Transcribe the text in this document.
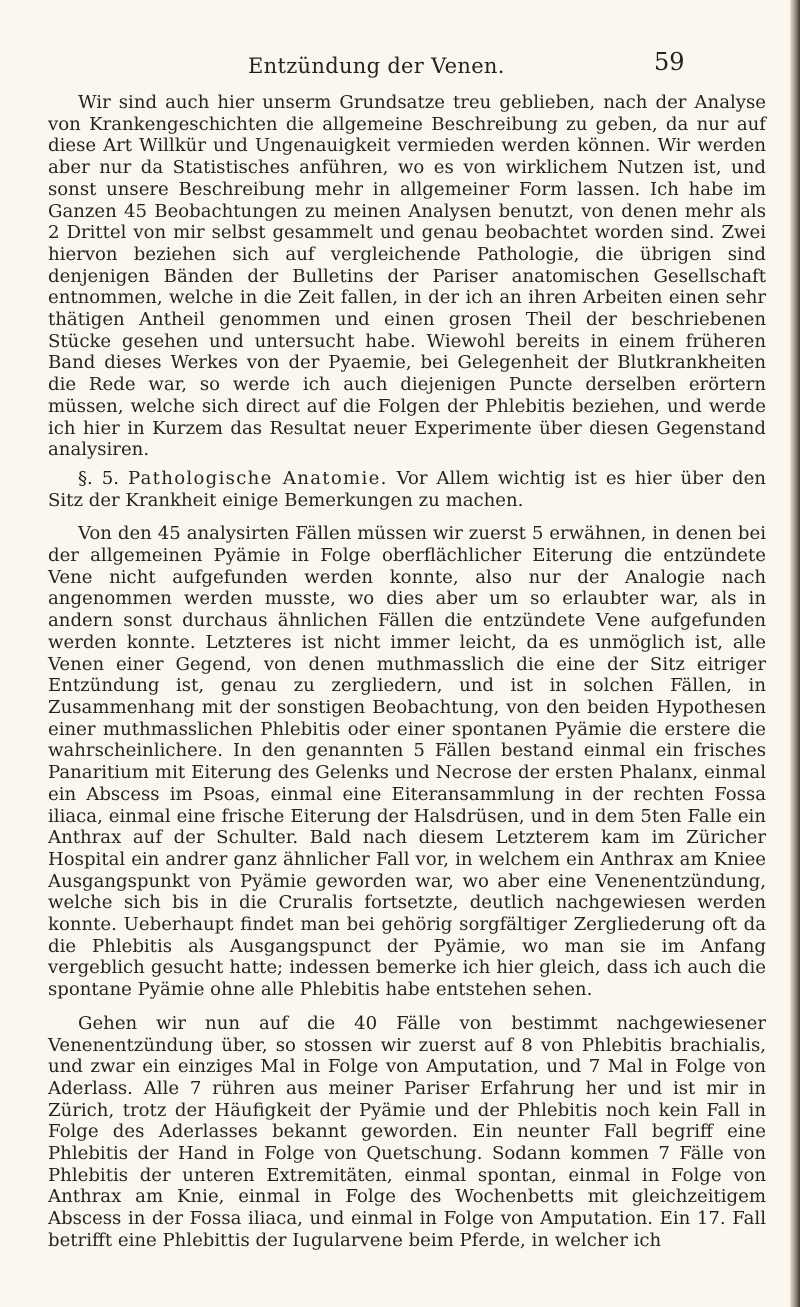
Entzündung der Venen.	59

Wir sind auch hier unserm Grundsatze treu geblieben, nach der Analyse von Krankengeschichten die allgemeine Beschreibung zu geben, da nur auf diese Art Willkür und Ungenauigkeit vermieden werden können. Wir werden aber nur da Statistisches anführen, wo es von wirklichem Nutzen ist, und sonst unsere Beschreibung mehr in allgemeiner Form lassen. Ich habe im Ganzen 45 Beobachtungen zu meinen Analysen benutzt, von denen mehr als 2 Drittel von mir selbst gesammelt und genau beobachtet worden sind. Zwei hiervon beziehen sich auf vergleichende Pathologie, die übrigen sind denjenigen Bänden der Bulletins der Pariser anatomischen Gesellschaft entnommen, welche in die Zeit fallen, in der ich an ihren Arbeiten einen sehr thätigen Antheil genommen und einen grosen Theil der beschriebenen Stücke gesehen und untersucht habe. Wiewohl bereits in einem früheren Band dieses Werkes von der Pyaemie, bei Gelegenheit der Blutkrankheiten die Rede war, so werde ich auch diejenigen Puncte derselben erörtern müssen, welche sich direct auf die Folgen der Phlebitis beziehen, und werde ich hier in Kurzem das Resultat neuer Experimente über diesen Gegenstand analysiren.

§. 5. Pathologische Anatomie. Vor Allem wichtig ist es hier über den Sitz der Krankheit einige Bemerkungen zu machen.

Von den 45 analysirten Fällen müssen wir zuerst 5 erwähnen, in denen bei der allgemeinen Pyämie in Folge oberflächlicher Eiterung die entzündete Vene nicht aufgefunden werden konnte, also nur der Analogie nach angenommen werden musste, wo dies aber um so erlaubter war, als in andern sonst durchaus ähnlichen Fällen die entzündete Vene aufgefunden werden konnte. Letzteres ist nicht immer leicht, da es unmöglich ist, alle Venen einer Gegend, von denen muthmasslich die eine der Sitz eitriger Entzündung ist, genau zu zergliedern, und ist in solchen Fällen, in Zusammenhang mit der sonstigen Beobachtung, von den beiden Hypothesen einer muthmasslichen Phlebitis oder einer spontanen Pyämie die erstere die wahrscheinlichere. In den genannten 5 Fällen bestand einmal ein frisches Panaritium mit Eiterung des Gelenks und Necrose der ersten Phalanx, einmal ein Abscess im Psoas, einmal eine Eiteransammlung in der rechten Fossa iliaca, einmal eine frische Eiterung der Halsdrüsen, und in dem 5ten Falle ein Anthrax auf der Schulter. Bald nach diesem Letzterem kam im Züricher Hospital ein andrer ganz ähnlicher Fall vor, in welchem ein Anthrax am Kniee Ausgangspunkt von Pyämie geworden war, wo aber eine Venenentzündung, welche sich bis in die Cruralis fortsetzte, deutlich nachgewiesen werden konnte. Ueberhaupt findet man bei gehörig sorgfältiger Zergliederung oft da die Phlebitis als Ausgangspunct der Pyämie, wo man sie im Anfang vergeblich gesucht hatte; indessen bemerke ich hier gleich, dass ich auch die spontane Pyämie ohne alle Phlebitis habe entstehen sehen.

Gehen wir nun auf die 40 Fälle von bestimmt nachgewiesener Venenentzündung über, so stossen wir zuerst auf 8 von Phlebitis brachialis, und zwar ein einziges Mal in Folge von Amputation, und 7 Mal in Folge von Aderlass. Alle 7 rühren aus meiner Pariser Erfahrung her und ist mir in Zürich, trotz der Häufigkeit der Pyämie und der Phlebitis noch kein Fall in Folge des Aderlasses bekannt geworden. Ein neunter Fall begriff eine Phlebitis der Hand in Folge von Quetschung. Sodann kommen 7 Fälle von Phlebitis der unteren Extremitäten, einmal spontan, einmal in Folge von Anthrax am Knie, einmal in Folge des Wochenbetts mit gleichzeitigem Abscess in der Fossa iliaca, und einmal in Folge von Amputation. Ein 17. Fall betrifft eine Phlebittis der Iugularvene beim Pferde, in welcher ich
